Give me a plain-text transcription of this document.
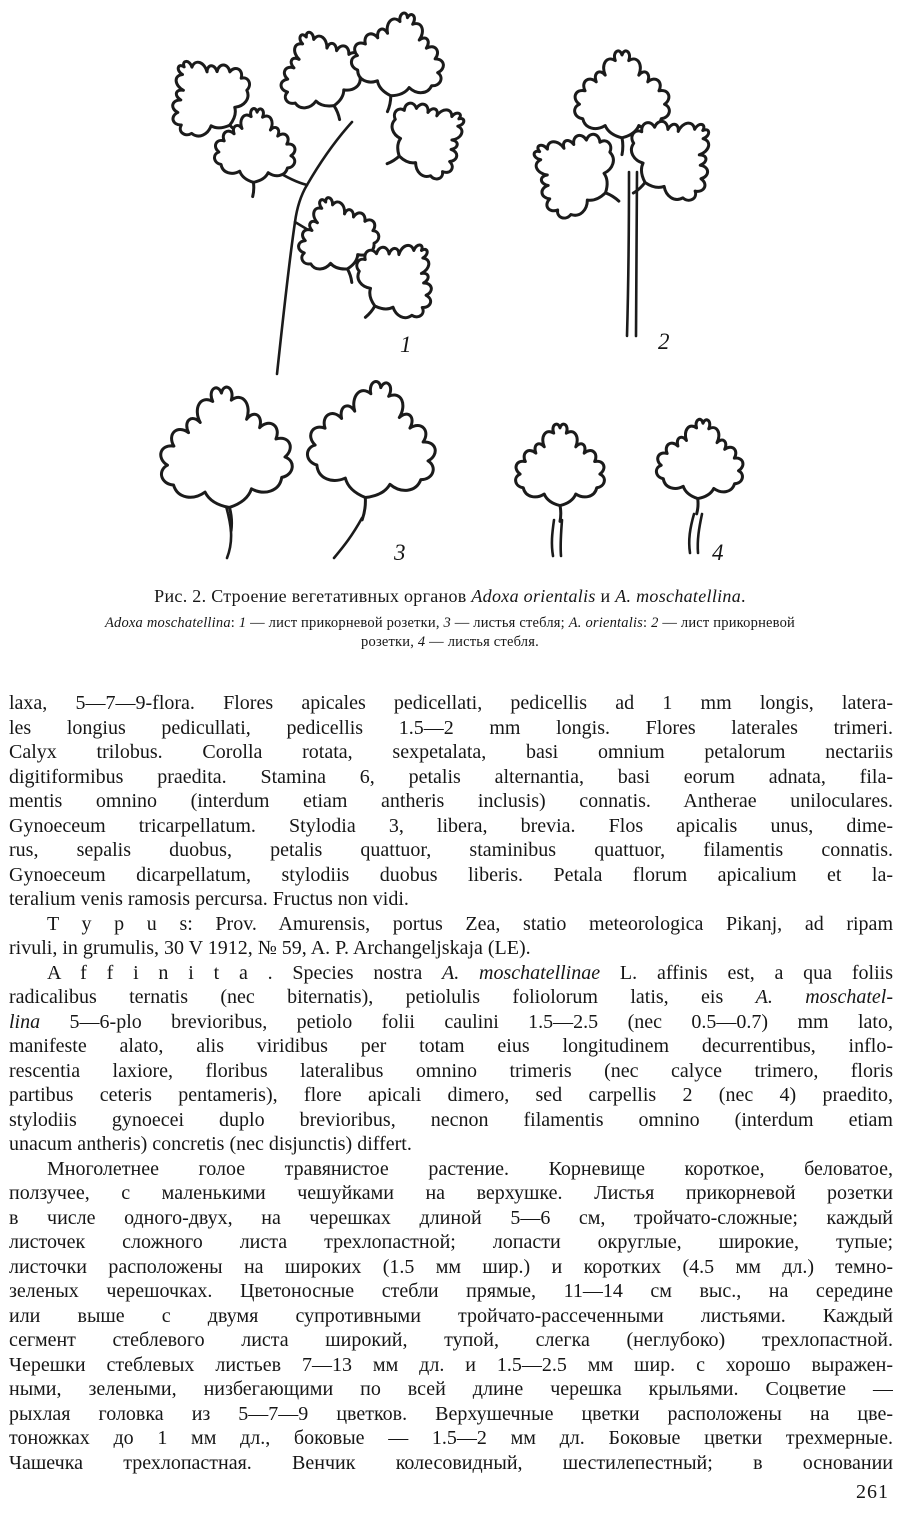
1	2
3	4
Рис. 2. Строение вегетативных органов Adoxa orientalis и A. moschatellina.
Adoxa moschatellina: 1 — лист прикорневой розетки, 3 — листья стебля; A. orientalis: 2 — лист прикорневой
розетки, 4 — листья стебля.
laxa, 5—7—9-flora. Flores apicales pedicellati, pedicellis ad 1 mm longis, latera-
les longius pedicullati, pedicellis 1.5—2 mm longis. Flores laterales trimeri.
Calyx trilobus. Corolla rotata, sexpetalata, basi omnium petalorum nectariis
digitiformibus praedita. Stamina 6, petalis alternantia, basi eorum adnata, fila-
mentis omnino (interdum etiam antheris inclusis) connatis. Antherae uniloculares.
Gynoeceum tricarpellatum. Stylodia 3, libera, brevia. Flos apicalis unus, dime-
rus, sepalis duobus, petalis quattuor, staminibus quattuor, filamentis connatis.
Gynoeceum dicarpellatum, stylodiis duobus liberis. Petala florum apicalium et la-
teralium venis ramosis percursa. Fructus non vidi.
T y p u s: Prov. Amurensis, portus Zea, statio meteorologica Pikanj, ad ripam
rivuli, in grumulis, 30 V 1912, № 59, A. P. Archangeljskaja (LE).
A f f i n i t a . Species nostra A. moschatellinae L. affinis est, a qua foliis
radicalibus ternatis (nec biternatis), petiolulis foliolorum latis, eis A. moschatel-
lina 5—6-plo brevioribus, petiolo folii caulini 1.5—2.5 (nec 0.5—0.7) mm lato,
manifeste alato, alis viridibus per totam eius longitudinem decurrentibus, inflo-
rescentia laxiore, floribus lateralibus omnino trimeris (nec calyce trimero, floris
partibus ceteris pentameris), flore apicali dimero, sed carpellis 2 (nec 4) praedito,
stylodiis gynoecei duplo brevioribus, necnon filamentis omnino (interdum etiam
unacum antheris) concretis (nec disjunctis) differt.
Многолетнее голое травянистое растение. Корневище короткое, беловатое,
ползучее, с маленькими чешуйками на верхушке. Листья прикорневой розетки
в числе одного-двух, на черешках длиной 5—6 см, тройчато-сложные; каждый
листочек сложного листа трехлопастной; лопасти округлые, широкие, тупые;
листочки расположены на широких (1.5 мм шир.) и коротких (4.5 мм дл.) темно-
зеленых черешочках. Цветоносные стебли прямые, 11—14 см выс., на середине
или выше с двумя супротивными тройчато-рассеченными листьями. Каждый
сегмент стеблевого листа широкий, тупой, слегка (неглубоко) трехлопастной.
Черешки стеблевых листьев 7—13 мм дл. и 1.5—2.5 мм шир. с хорошо выражен-
ными, зелеными, низбегающими по всей длине черешка крыльями. Соцветие —
рыхлая головка из 5—7—9 цветков. Верхушечные цветки расположены на цве-
тоножках до 1 мм дл., боковые — 1.5—2 мм дл. Боковые цветки трехмерные.
Чашечка трехлопастная. Венчик колесовидный, шестилепестный; в основании
261
